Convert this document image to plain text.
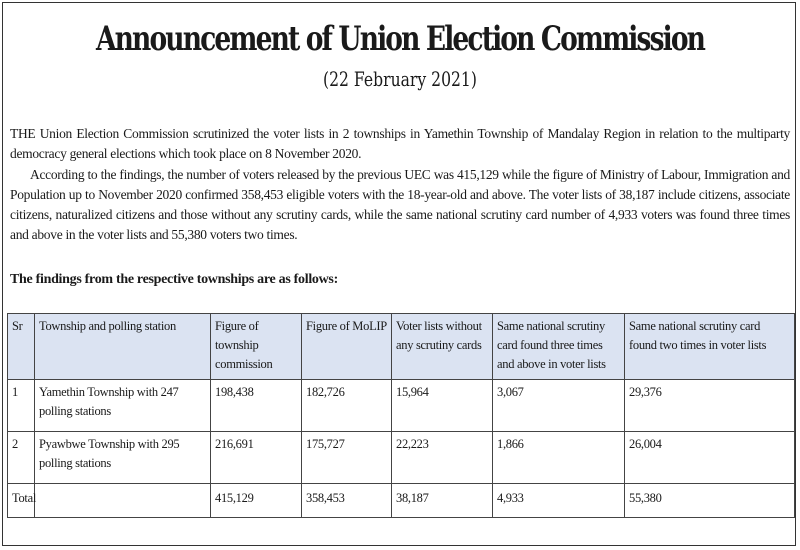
Announcement of Union Election Commission
(22 February 2021)

THE Union Election Commission scrutinized the voter lists in 2 townships in Yamethin Township of Mandalay Region in relation to the multiparty democracy general elections which took place on 8 November 2020.

According to the findings, the number of voters released by the previous UEC was 415,129 while the figure of Ministry of Labour, Immigration and Population up to November 2020 confirmed 358,453 eligible voters with the 18-year-old and above. The voter lists of 38,187 include citizens, associate citizens, naturalized citizens and those without any scrutiny cards, while the same national scrutiny card number of 4,933 voters was found three times and above in the voter lists and 55,380 voters two times.

The findings from the respective townships are as follows:
Sr	Township and polling station	Figure of township commission	Figure of MoLIP	Voter lists without any scrutiny cards	Same national scrutiny card found three times and above in voter lists	Same national scrutiny card found two times in voter lists
1	Yamethin Township with 247 polling stations	198,438	182,726	15,964	3,067	29,376
2	Pyawbwe Township with 295 polling stations	216,691	175,727	22,223	1,866	26,004
Total		415,129	358,453	38,187	4,933	55,380
